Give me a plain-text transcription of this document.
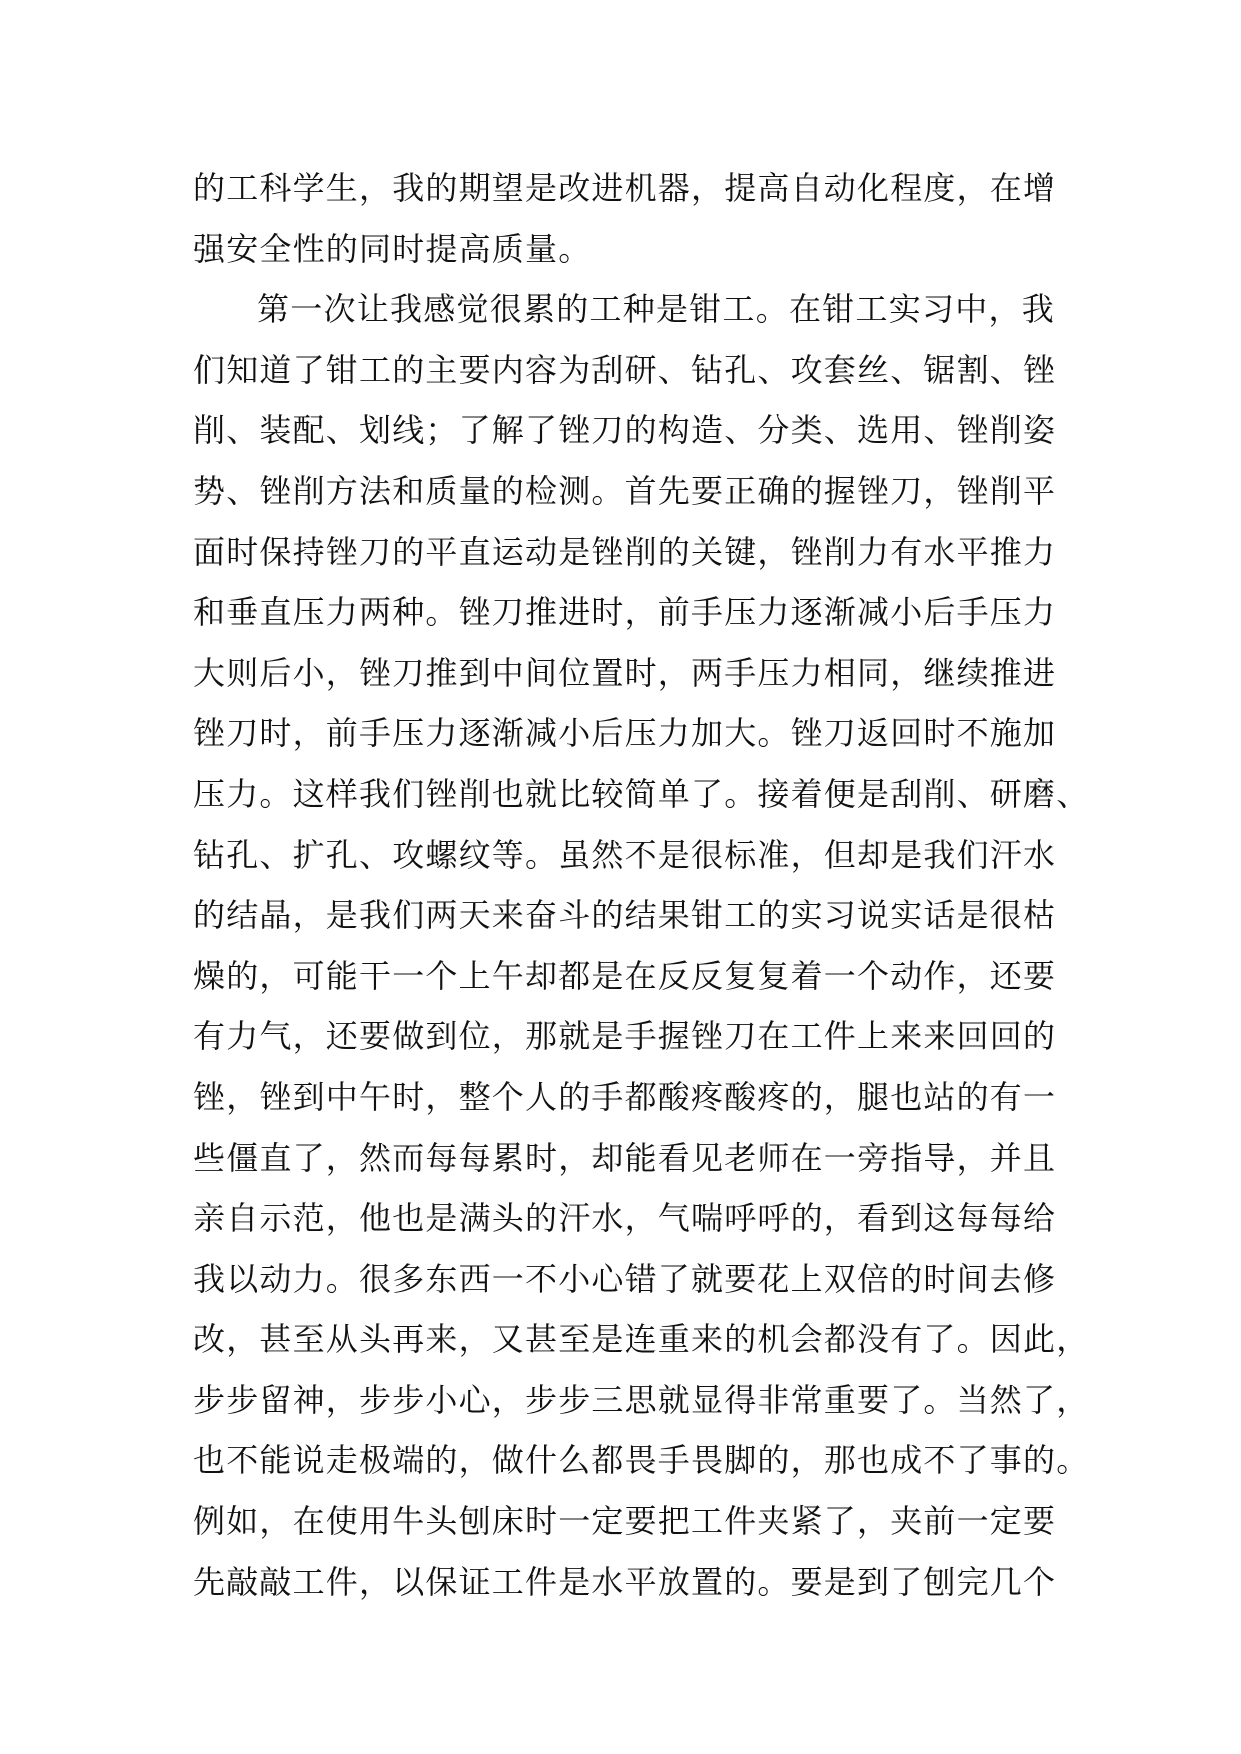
的工科学生，我的期望是改进机器，提高自动化程度，在增
强安全性的同时提高质量。
第一次让我感觉很累的工种是钳工。在钳工实习中，我
们知道了钳工的主要内容为刮研、钻孔、攻套丝、锯割、锉
削、装配、划线；了解了锉刀的构造、分类、选用、锉削姿
势、锉削方法和质量的检测。首先要正确的握锉刀，锉削平
面时保持锉刀的平直运动是锉削的关键，锉削力有水平推力
和垂直压力两种。锉刀推进时，前手压力逐渐减小后手压力
大则后小，锉刀推到中间位置时，两手压力相同，继续推进
锉刀时，前手压力逐渐减小后压力加大。锉刀返回时不施加
压力。这样我们锉削也就比较简单了。接着便是刮削、研磨、
钻孔、扩孔、攻螺纹等。虽然不是很标准，但却是我们汗水
的结晶，是我们两天来奋斗的结果钳工的实习说实话是很枯
燥的，可能干一个上午却都是在反反复复着一个动作，还要
有力气，还要做到位，那就是手握锉刀在工件上来来回回的
锉，锉到中午时，整个人的手都酸疼酸疼的，腿也站的有一
些僵直了，然而每每累时，却能看见老师在一旁指导，并且
亲自示范，他也是满头的汗水，气喘呼呼的，看到这每每给
我以动力。很多东西一不小心错了就要花上双倍的时间去修
改，甚至从头再来，又甚至是连重来的机会都没有了。因此，
步步留神，步步小心，步步三思就显得非常重要了。当然了，
也不能说走极端的，做什么都畏手畏脚的，那也成不了事的。
例如，在使用牛头刨床时一定要把工件夹紧了，夹前一定要
先敲敲工件，以保证工件是水平放置的。要是到了刨完几个
